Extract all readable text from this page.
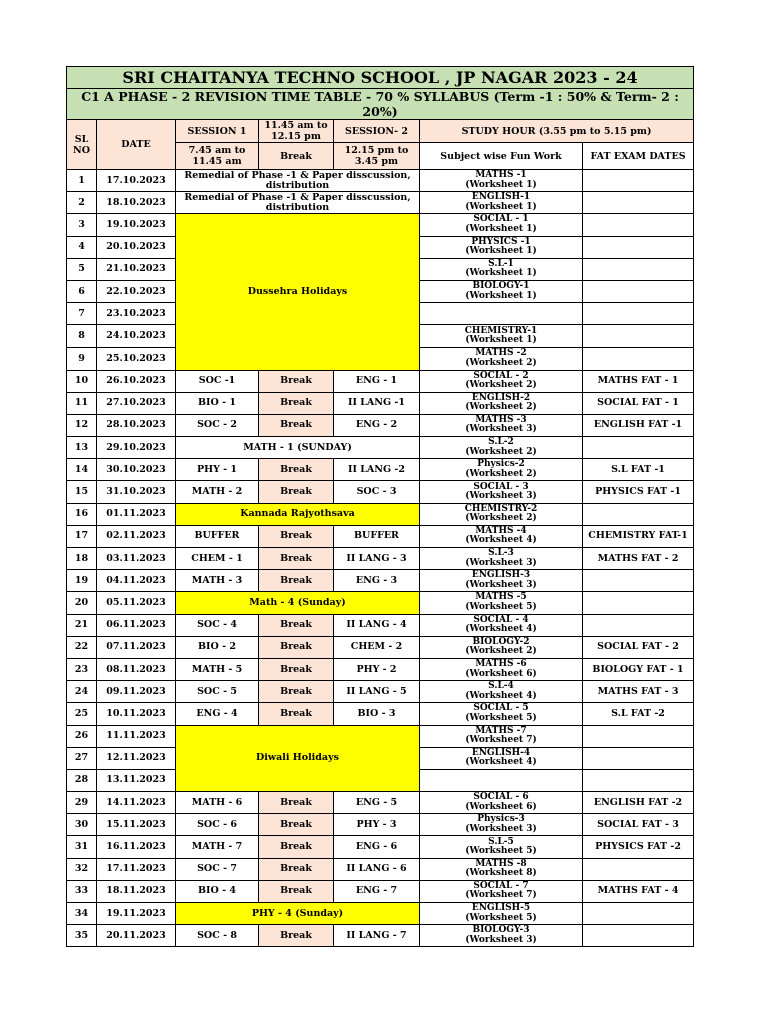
SRI CHAITANYA TECHNO SCHOOL , JP NAGAR 2023 - 24						
C1 A PHASE - 2 REVISION TIME TABLE - 70 % SYLLABUS (Term -1 : 50% & Term- 2 : 20%)						
SL NO	DATE	SESSION 1	11.45 am to 12.15 pm	SESSION- 2	STUDY HOUR (3.55 pm to 5.15 pm)	
		7.45 am to 11.45 am	Break	12.15 pm to 3.45 pm	Subject wise Fun Work	FAT EXAM DATES
1	17.10.2023	Remedial of Phase -1 & Paper disscussion, distribution			MATHS -1
(Worksheet 1)	

2	18.10.2023	Remedial of Phase -1 & Paper disscussion, distribution			ENGLISH-1
(Worksheet 1)	

3	19.10.2023	Dussehra Holidays			SOCIAL - 1
(Worksheet 1)	

4	20.10.2023				PHYSICS -1
(Worksheet 1)	

5	21.10.2023				S.L-1
(Worksheet 1)	

6	22.10.2023				BIOLOGY-1
(Worksheet 1)	

7	23.10.2023				

8	24.10.2023				CHEMISTRY-1
(Worksheet 1)	

9	25.10.2023				MATHS -2
(Worksheet 2)	

10	26.10.2023	SOC -1	Break	ENG - 1	SOCIAL - 2
(Worksheet 2)	MATHS FAT - 1
11	27.10.2023	BIO - 1	Break	II LANG -1	ENGLISH-2
(Worksheet 2)	SOCIAL FAT - 1
12	28.10.2023	SOC - 2	Break	ENG - 2	MATHS -3
(Worksheet 3)	ENGLISH FAT -1
13	29.10.2023	MATH - 1 (SUNDAY)			S.L-2
(Worksheet 2)	

14	30.10.2023	PHY - 1	Break	II LANG -2	Physics-2
(Worksheet 2)	S.L FAT -1
15	31.10.2023	MATH - 2	Break	SOC - 3	SOCIAL - 3
(Worksheet 3)	PHYSICS FAT -1
16	01.11.2023	Kannada Rajyothsava			CHEMISTRY-2
(Worksheet 2)	

17	02.11.2023	BUFFER	Break	BUFFER	MATHS -4
(Worksheet 4)	CHEMISTRY FAT-1
18	03.11.2023	CHEM - 1	Break	II LANG - 3	S.L-3
(Worksheet 3)	MATHS FAT - 2
19	04.11.2023	MATH - 3	Break	ENG - 3	ENGLISH-3
(Worksheet 3)	

20	05.11.2023	Math - 4 (Sunday)			MATHS -5
(Worksheet 5)	

21	06.11.2023	SOC - 4	Break	II LANG - 4	SOCIAL - 4
(Worksheet 4)	

22	07.11.2023	BIO - 2	Break	CHEM - 2	BIOLOGY-2
(Worksheet 2)	SOCIAL FAT - 2
23	08.11.2023	MATH - 5	Break	PHY - 2	MATHS -6
(Worksheet 6)	BIOLOGY FAT - 1
24	09.11.2023	SOC - 5	Break	II LANG - 5	S.L-4
(Worksheet 4)	MATHS FAT - 3
25	10.11.2023	ENG - 4	Break	BIO - 3	SOCIAL - 5
(Worksheet 5)	S.L FAT -2
26	11.11.2023	Diwali Holidays			MATHS -7
(Worksheet 7)	

27	12.11.2023				ENGLISH-4
(Worksheet 4)	

28	13.11.2023				

29	14.11.2023	MATH - 6	Break	ENG - 5	SOCIAL - 6
(Worksheet 6)	ENGLISH FAT -2
30	15.11.2023	SOC - 6	Break	PHY - 3	Physics-3
(Worksheet 3)	SOCIAL FAT - 3
31	16.11.2023	MATH - 7	Break	ENG - 6	S.L-5
(Worksheet 5)	PHYSICS FAT -2
32	17.11.2023	SOC - 7	Break	II LANG - 6	MATHS -8
(Worksheet 8)	

33	18.11.2023	BIO - 4	Break	ENG - 7	SOCIAL - 7
(Worksheet 7)	MATHS FAT - 4
34	19.11.2023	PHY - 4 (Sunday)			ENGLISH-5
(Worksheet 5)	

35	20.11.2023	SOC - 8	Break	II LANG - 7	BIOLOGY-3
(Worksheet 3)	
